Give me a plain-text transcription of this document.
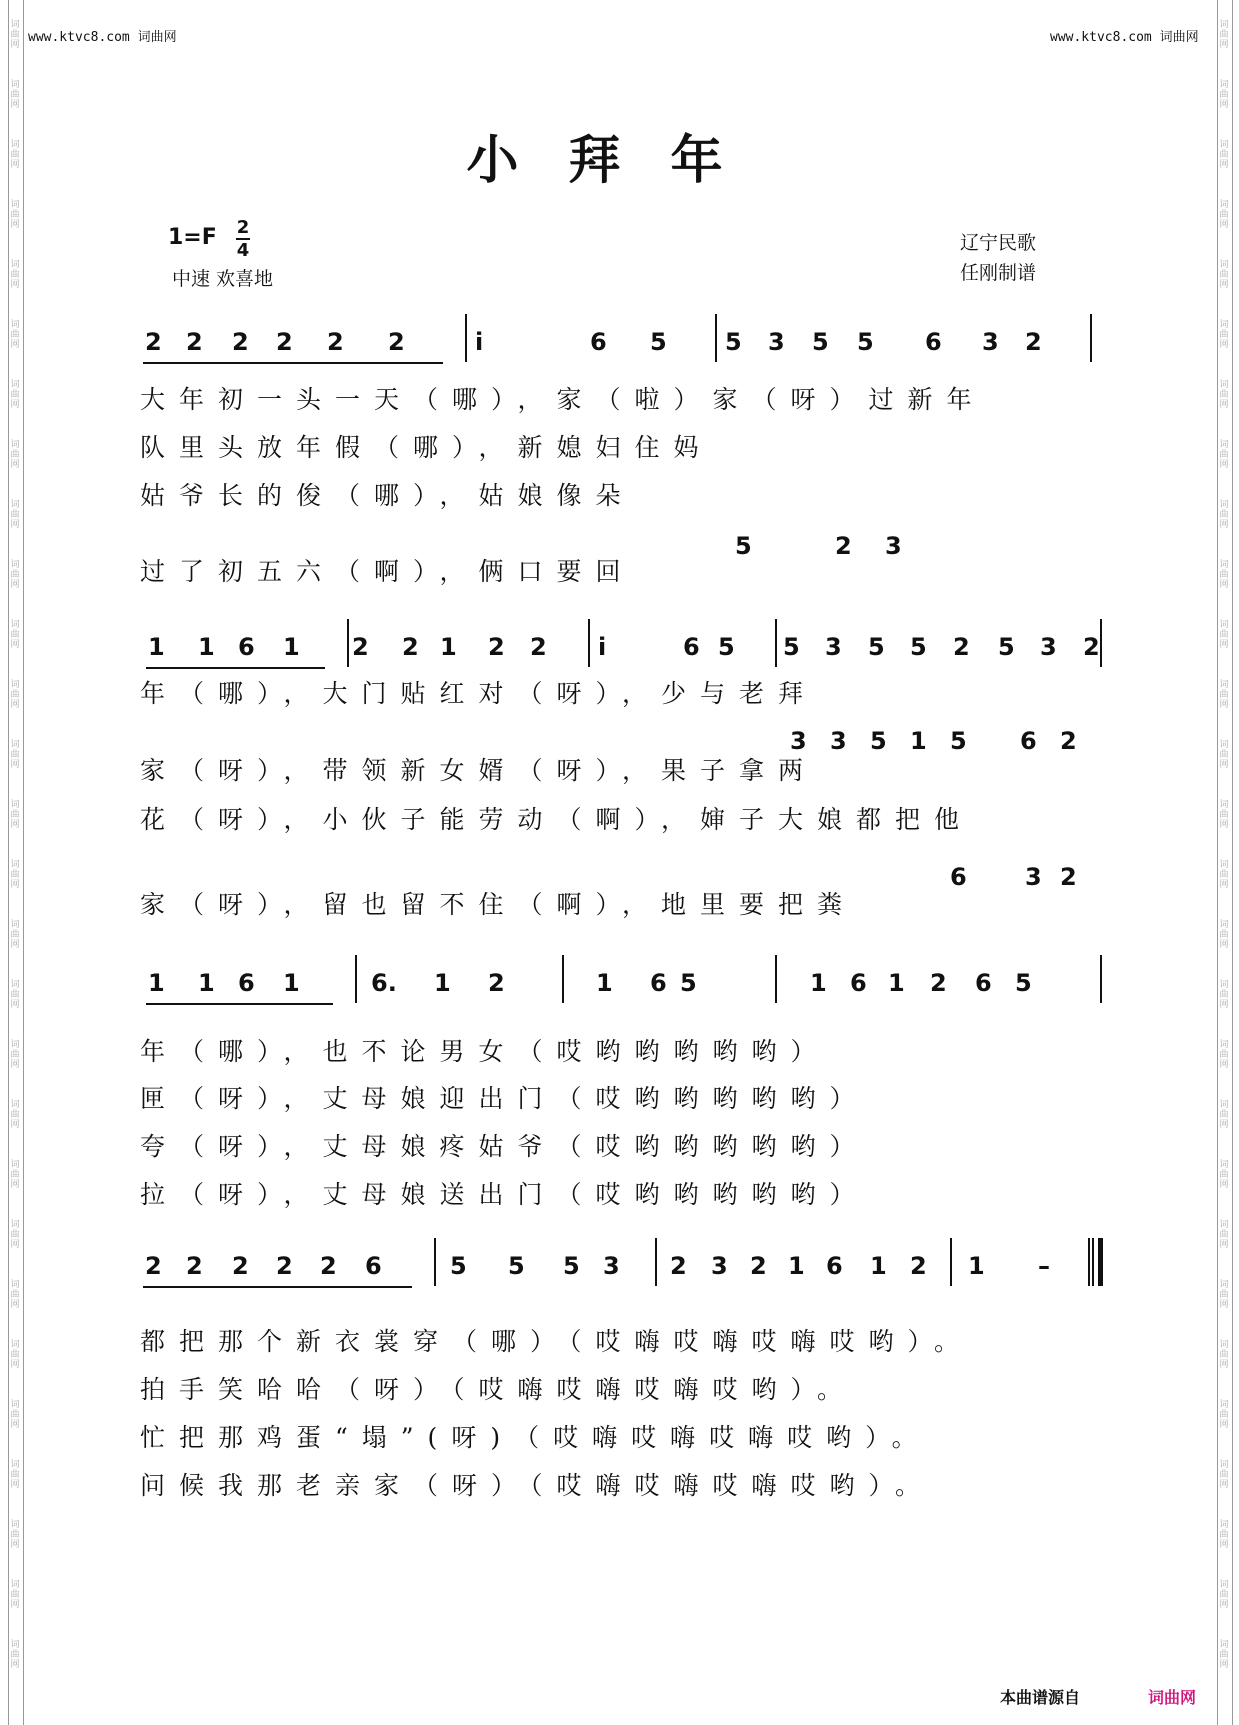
词
曲
网
词
曲
网
词
曲
网
词
曲
网
词
曲
网
词
曲
网
词
曲
网
词
曲
网
词
曲
网
词
曲
网
词
曲
网
词
曲
网
词
曲
网
词
曲
网
词
曲
网
词
曲
网
词
曲
网
词
曲
网
词
曲
网
词
曲
网
词
曲
网
词
曲
网
词
曲
网
词
曲
网
词
曲
网
词
曲
网
词
曲
网
词
曲
网
词
曲
网
词
曲
网
词
曲
网
词
曲
网
词
曲
网
词
曲
网
词
曲
网
词
曲
网
词
曲
网
词
曲
网
词
曲
网
词
曲
网
词
曲
网
词
曲
网
词
曲
网
词
曲
网
词
曲
网
词
曲
网
词
曲
网
词
曲
网
词
曲
网
词
曲
网
词
曲
网
词
曲
网
词
曲
网
词
曲
网
词
曲
网
词
曲
网
www.ktvc8.com 词曲网	www.ktvc8.com 词曲网
小拜年
1=F 2
4
中速 欢喜地
辽宁民歌
任刚制谱
2 2 2 2 2 2	i	6 5 5 3 5 5 6 3 2
大年初一头一天（哪），家（啦）家（呀）过新年
队里头放年假（哪），新媳妇住妈
姑爷长的俊（哪），姑娘像朵
过了初五六（啊），俩口要回
1 1 6 1 2 2 1 2 2 i	6 5 5 3 5 5 2 5 3 2
年（哪），大门贴红对（呀），少与老拜
家（呀），带领新女婿（呀），果子拿两
花（呀），小伙子能劳动（啊），婶子大娘都把他
家（呀），留也留不住（啊），地里要把粪
1 1 6 1	6. 1 2	1 6 5	1 6 1 2 6 5
年（哪），也不论男女（哎哟哟哟哟哟）
匣（呀），丈母娘迎出门（哎哟哟哟哟哟）
夸（呀），丈母娘疼姑爷（哎哟哟哟哟哟）
拉（呀），丈母娘送出门（哎哟哟哟哟哟）
2 2 2 2 2 6	5 5 5 3 2 3 2 1 6 1 2 1 –
都把那个新衣裳穿（哪）（哎嗨哎嗨哎嗨哎哟）。
拍手笑哈哈（呀）（哎嗨哎嗨哎嗨哎哟）。
忙把那鸡蛋“塌”(呀)（哎嗨哎嗨哎嗨哎哟）。
问候我那老亲家（呀）（哎嗨哎嗨哎嗨哎哟）。
5	2 3
3 3 5 1 5 6 2
6 3 2
本曲谱源自	词曲网
